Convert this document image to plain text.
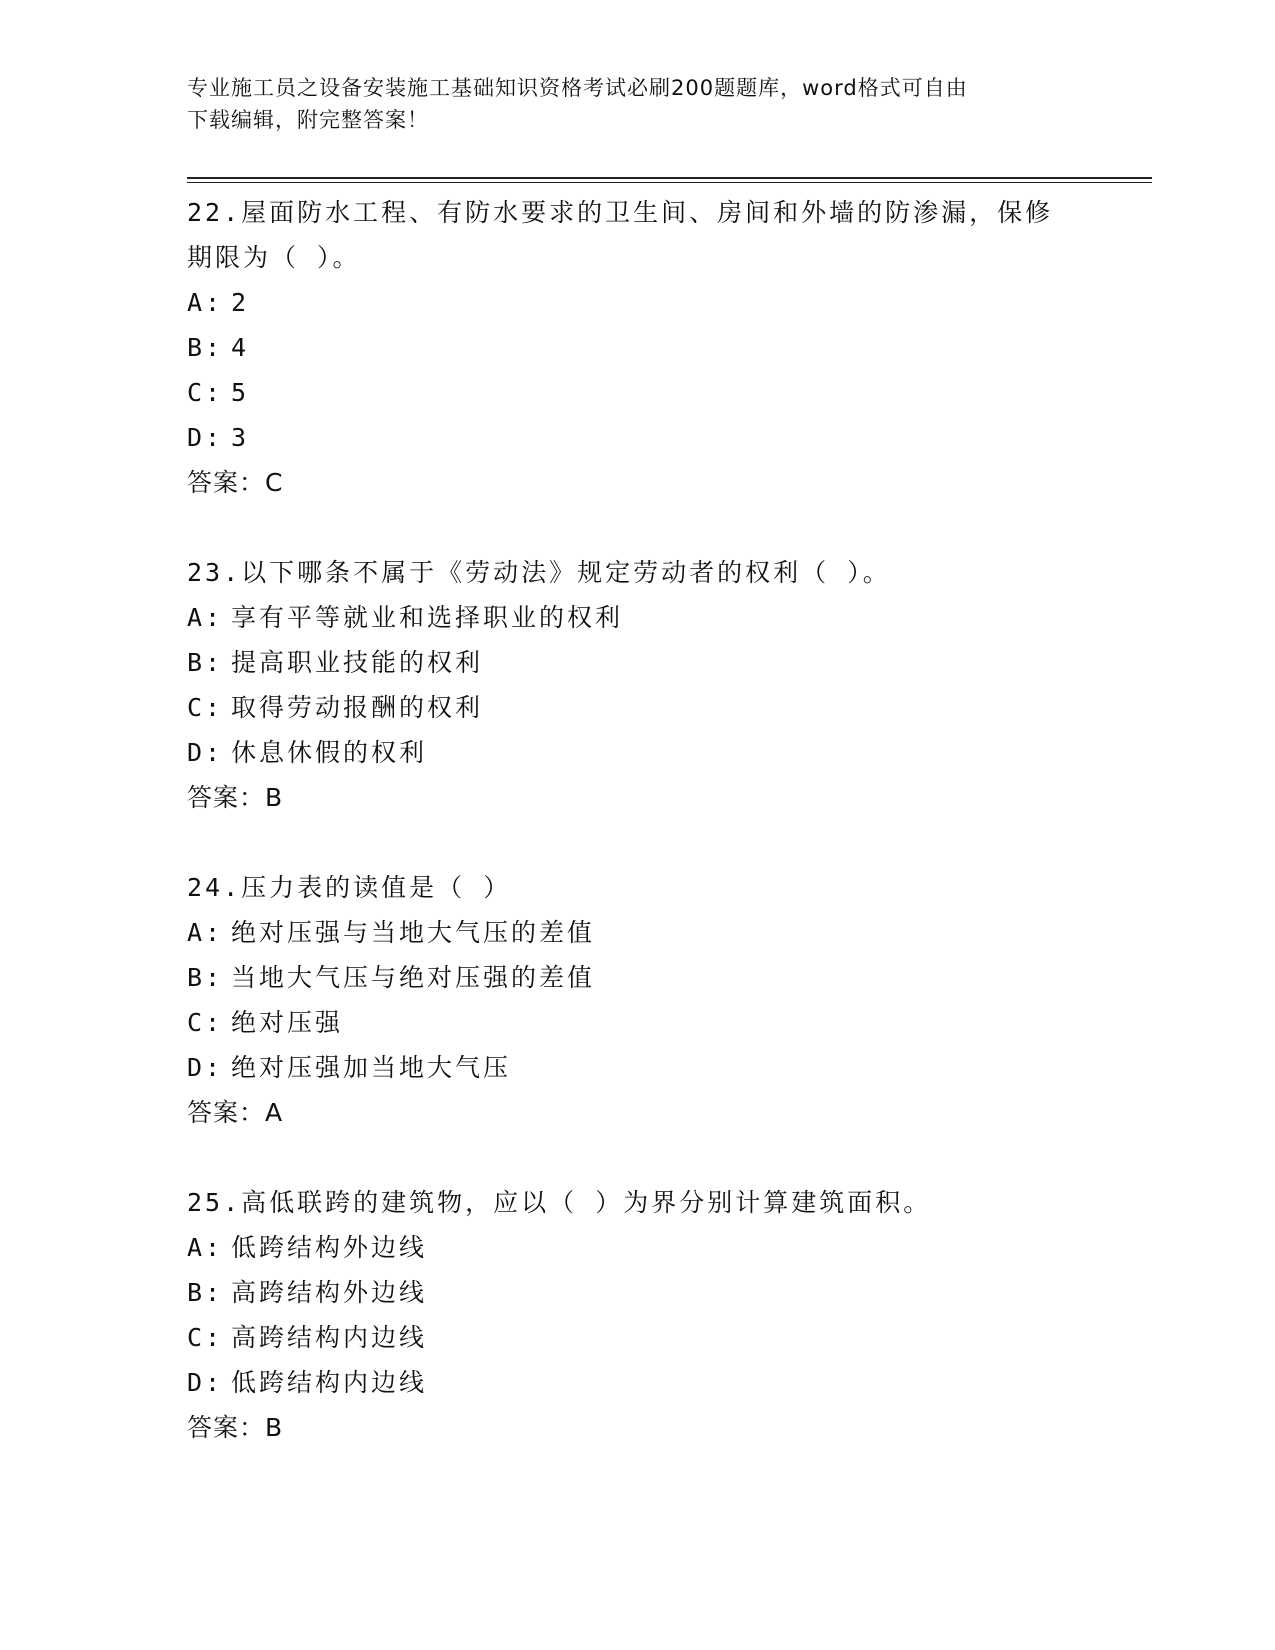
专业施工员之设备安装施工基础知识资格考试必刷200题题库，word格式可自由
下载编辑，附完整答案！
22.屋面防水工程、有防水要求的卫生间、房间和外墙的防渗漏，保修
期限为（ ）。
A: 2
B: 4
C: 5
D: 3
答案：C
23.以下哪条不属于《劳动法》规定劳动者的权利（ ）。
A: 享有平等就业和选择职业的权利
B: 提高职业技能的权利
C: 取得劳动报酬的权利
D: 休息休假的权利
答案：B
24.压力表的读值是（ ）
A: 绝对压强与当地大气压的差值
B: 当地大气压与绝对压强的差值
C: 绝对压强
D: 绝对压强加当地大气压
答案：A
25.高低联跨的建筑物，应以（ ）为界分别计算建筑面积。
A: 低跨结构外边线
B: 高跨结构外边线
C: 高跨结构内边线
D: 低跨结构内边线
答案：B
